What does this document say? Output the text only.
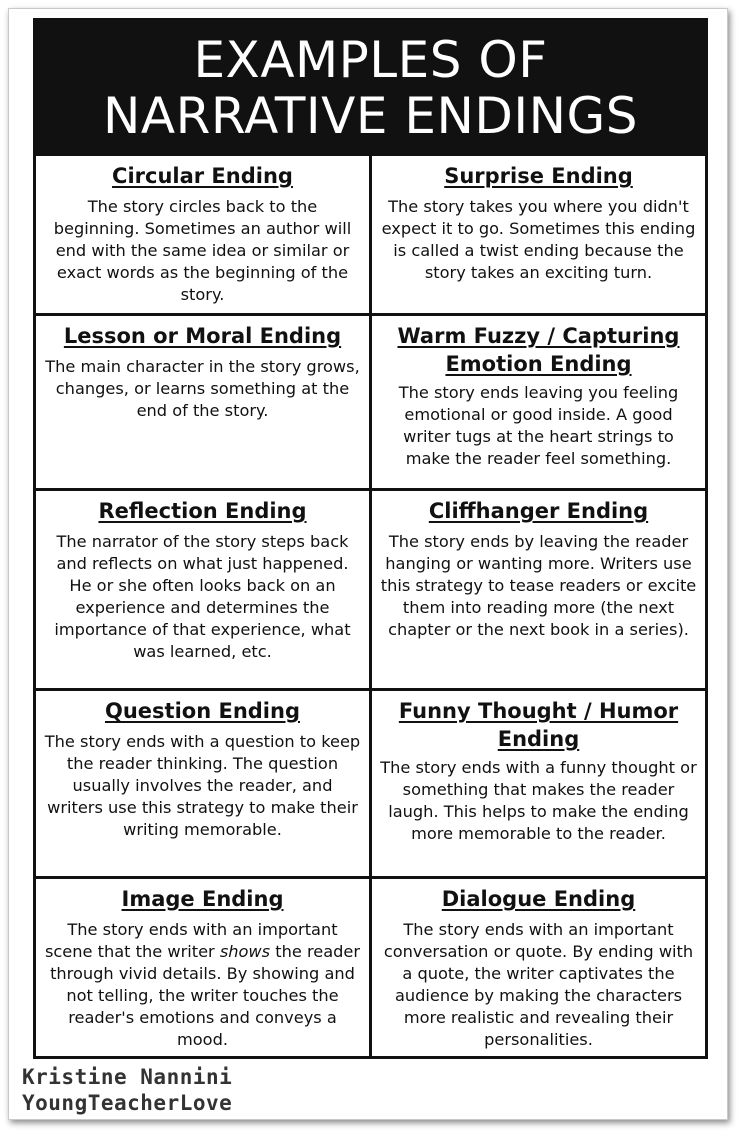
EXAMPLES OF
NARRATIVE ENDINGS
Circular Ending

The story circles back to the beginning. Sometimes an author will end with the same idea or similar or exact words as the beginning of the story.

Surprise Ending

The story takes you where you didn't expect it to go. Sometimes this ending is called a twist ending because the story takes an exciting turn.

Lesson or Moral Ending

The main character in the story grows, changes, or learns something at the end of the story.

Warm Fuzzy / Capturing Emotion Ending

The story ends leaving you feeling emotional or good inside. A good writer tugs at the heart strings to make the reader feel something.

Reflection Ending

The narrator of the story steps back and reflects on what just happened. He or she often looks back on an experience and determines the importance of that experience, what was learned, etc.

Cliffhanger Ending

The story ends by leaving the reader hanging or wanting more. Writers use this strategy to tease readers or excite them into reading more (the next chapter or the next book in a series).

Question Ending

The story ends with a question to keep the reader thinking. The question usually involves the reader, and writers use this strategy to make their writing memorable.

Funny Thought / Humor Ending

The story ends with a funny thought or something that makes the reader laugh. This helps to make the ending more memorable to the reader.

Image Ending

The story ends with an important scene that the writer shows the reader through vivid details. By showing and not telling, the writer touches the reader's emotions and conveys a mood.

Dialogue Ending

The story ends with an important conversation or quote. By ending with a quote, the writer captivates the audience by making the characters more realistic and revealing their personalities.

Kristine Nannini
YoungTeacherLove
